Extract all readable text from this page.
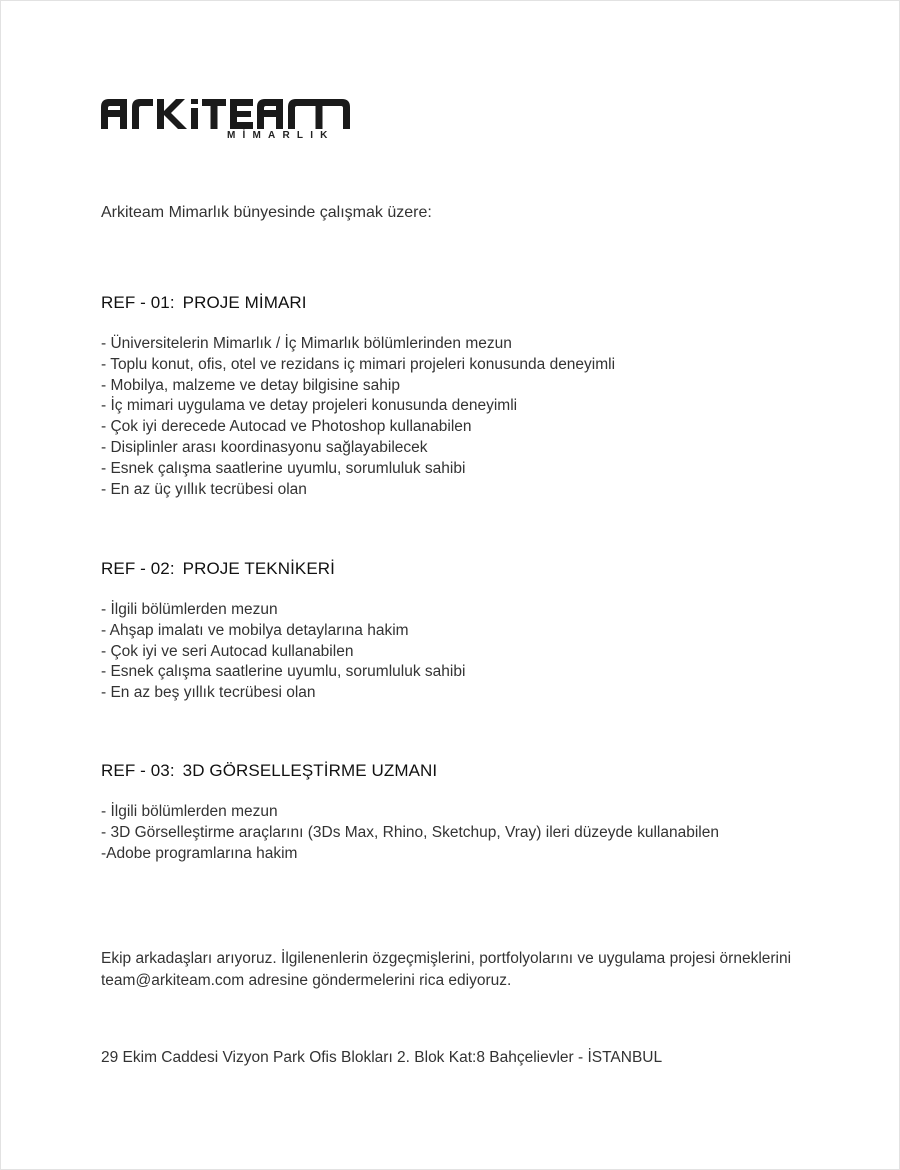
MİMARLIK
Arkiteam Mimarlık bünyesinde çalışmak üzere:
REF - 01: PROJE MİMARI
- Üniversitelerin Mimarlık / İç Mimarlık bölümlerinden mezun
- Toplu konut, ofis, otel ve rezidans iç mimari projeleri konusunda deneyimli
- Mobilya, malzeme ve detay bilgisine sahip
- İç mimari uygulama ve detay projeleri konusunda deneyimli
- Çok iyi derecede Autocad ve Photoshop kullanabilen
- Disiplinler arası koordinasyonu sağlayabilecek
- Esnek çalışma saatlerine uyumlu, sorumluluk sahibi
- En az üç yıllık tecrübesi olan
REF - 02: PROJE TEKNİKERİ
- İlgili bölümlerden mezun
- Ahşap imalatı ve mobilya detaylarına hakim
- Çok iyi ve seri Autocad kullanabilen
- Esnek çalışma saatlerine uyumlu, sorumluluk sahibi
- En az beş yıllık tecrübesi olan
REF - 03: 3D GÖRSELLEŞTİRME UZMANI
- İlgili bölümlerden mezun
- 3D Görselleştirme araçlarını (3Ds Max, Rhino, Sketchup, Vray) ileri düzeyde kullanabilen
-Adobe programlarına hakim

Ekip arkadaşları arıyoruz. İlgilenenlerin özgeçmişlerini, portfolyolarını ve uygulama projesi örneklerini

team@arkiteam.com adresine göndermelerini rica ediyoruz.

29 Ekim Caddesi Vizyon Park Ofis Blokları 2. Blok Kat:8 Bahçelievler - İSTANBUL
